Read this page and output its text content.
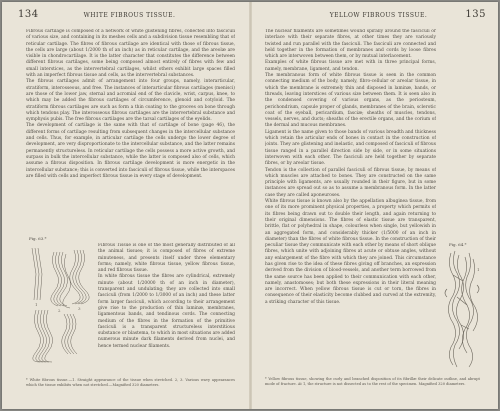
134	WHITE FIBROUS TISSUE.
Fibrous cartilage is composed of a network of white glistening fibres, collected into fasciculi of various size, and containing in its meshes cells and a subdivision tissue resembling that of reticular cartilage. The fibres of fibrous cartilage are identical with those of fibrous tissue, the cells are large (about 1/2000 th of an inch) as in reticular cartilage, and the areolæ are visible in chondrocartilage. It is the latter character that constitutes the difference between different fibrous cartilages, some being composed almost entirely of fibres with few and small interstices, as the intervertebral cartilages, whilst others exhibit large spaces filled with an imperfect fibrous tissue and cells, as the intervertebral substances.
The fibrous cartilages admit of arrangement into four groups, namely, interarticular, stratiform, interosseous, and free. The instances of interarticular fibrous cartilages (menisci) are those of the lower jaw, sternal and acromial end of the clavicle, wrist, carpus, knee, to which may be added the fibrous cartilages of circumference, glenoid and cotyloid. The stratiform fibrous cartilages are such as form a thin coating to the grooves on bone through which tendons play. The interosseous fibrous cartilages are the intervertebral substance and symphysis pubis. The free fibrous cartilages are the tarsal cartilages of the eyelids.
The development of cartilage is the same with that of cartilage of bone (page 46), the different forms of cartilage resulting from subsequent changes in the intercellular substance and cells. Thus, for example, in articular cartilage the cells undergo the lower degree of development, are very disproportionate to the intercellular substance, and the latter remains permanently structureless. In reticular cartilage the cells possess a more active growth, and surpass in bulk the intercellular substance, while the latter is composed also of cells, which assume a fibrous disposition. In fibrous cartilage development is more energetic in the intercellular substance; this is converted into fasciculi of fibrous tissue, while the interspaces are filled with cells and imperfect fibrous tissue in every stage of development.
Fig. 63.*
1
2	3
Fibrous Tissue is one of the most generally distributed of all the animal tissues; it is composed of fibres of extreme minuteness, and presents itself under three elementary forms; namely, white fibrous tissue, yellow fibrous tissue, and red fibrous tissue.
In white fibrous tissue the fibres are cylindrical, extremely minute (about 1/20000 th of an inch in diameter), transparent and undulating; they are collected into small fasciculi (from 1/2000 to 1/3000 of an inch) and these latter form larger fasciculi, which according to their arrangement give rise to the production of thin laminæ, membranes, ligamentous bands, and tendinous cords. The connecting medium of the fibres in the formation of the primitive fasciculi is a transparent structureless interstitious substance or blastema, to which in most situations are added numerous minute dark filaments derived from nuclei, and hence termed nuclear filaments.
* White fibrous tissue.—1. Straight appearance of the tissue when stretched. 2, 3. Various wavy appearances which the tissue exhibits when not stretched.—Magnified 320 diameters.
YELLOW FIBROUS TISSUE.	135
The nuclear filaments are sometimes wound spirally around the fasciculi or interlace with their separate fibres, at other times they are variously twisted and run parallel with the fasciculi. The fasciculi are connected and held together in the formation of membranes and cords by loose fibres which are interwoven between them, or by mutual interlacement.
Examples of white fibrous tissue are met with in three principal forms, namely, membrane, ligament, and tendon.
The membranous form of white fibrous tissue is seen in the common connecting medium of the body, namely, fibro-cellular or areolar tissue, in which the membrane is extremely thin and disposed in laminæ, bands, or threads, leaving interstices of various size between them. It is seen also in the condensed covering of various organs, as the periosteum, perichondrium, capsule proper of glands, membranes of the brain, sclerotic coat of the eyeball, pericardium, fasciæ; sheaths of muscles, tendons, vessels, nerves, and ducts; sheaths of the erectile organs, and the corium of the dermal and mucous membranes.
Ligament is the name given to those bands of various breadth and thickness which retain the articular ends of bones in contact in the construction of joints. They are glistening and inelastic, and composed of fasciculi of fibrous tissue ranged in a parallel direction side by side, or in some situations interwoven with each other. The fasciculi are held together by separate fibres, or by areolar tissue.
Tendon is the collection of parallel fasciculi of fibrous tissue, by means of which muscles are attached to bones. They are constructed on the same principle with ligaments, are usually rounded in their figure, but in some instances are spread out so as to assume a membranous form. In the latter case they are called aponeuroses.
White fibrous tissue is known also by the appellation albuginea tissue, from one of its more prominent physical properties, a property which permits of its fibres being drawn out to double their length, and again returning to their original dimensions. The fibres of elastic tissue are transparent, brittle, flat or polyhedral in shape, colourless when single, but yellowish in an aggregated form, and considerably thicker (1/5000 of an inch in diameter) than the fibres of white fibrous tissue. In the construction of their peculiar tissue they communicate with each other by means of short oblique fibres, which unite with adjoining fibres at acute or obtuse angles, without any enlargement of the fibre with which they are joined. This circumstance has given rise to the idea of these fibres giving off branches, an expression derived from the division of blood-vessels, and another term borrowed from the same source has been applied to their communication with each other, namely, anastomoses; but both these expressions in their literal meaning are incorrect. When yellow fibrous tissue is cut or torn, the fibres in consequence of their elasticity become clubbed and curved at the extremity, a striking character of this tissue.
Fig. 64.*
1
* Yellow fibrous tissue, showing the curly and branched disposition of its fibrillæ their delicate outline, and abrupt mode of fracture. At 1, the structure is not dissected as to the rest of the specimen. Magnified 320 diameters.
